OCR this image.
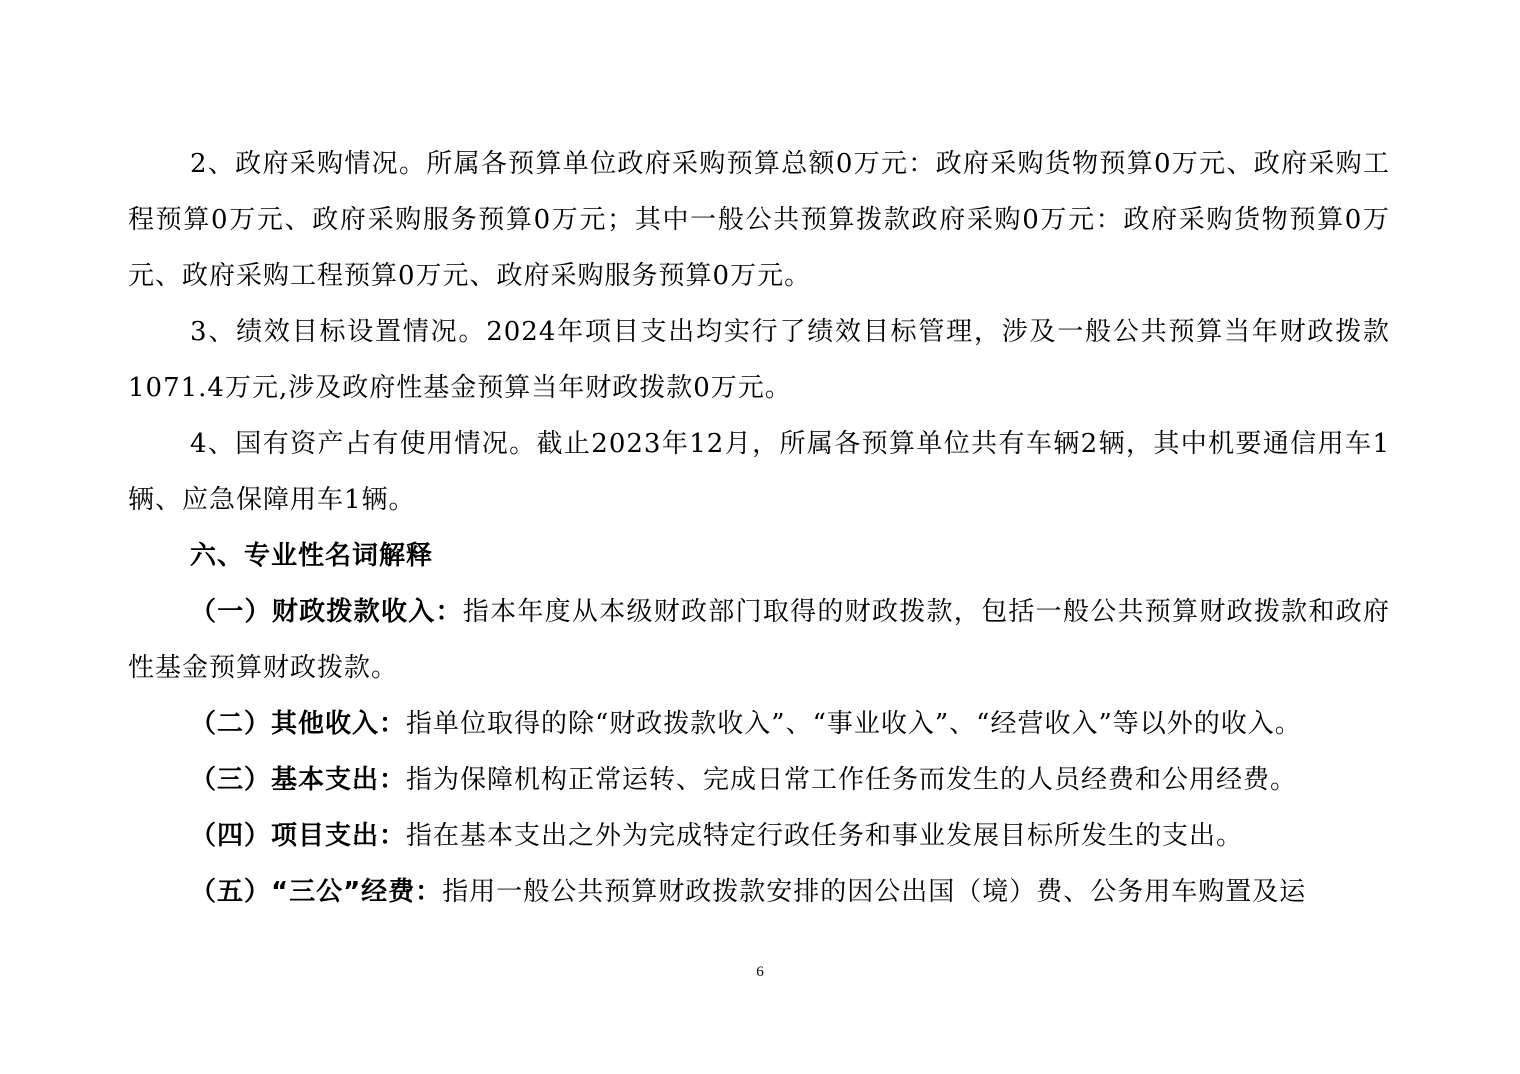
2、政府采购情况。所属各预算单位政府采购预算总额0万元：政府采购货物预算0万元、政府采购工程预算0万元、政府采购服务预算0万元；其中一般公共预算拨款政府采购0万元：政府采购货物预算0万元、政府采购工程预算0万元、政府采购服务预算0万元。

3、绩效目标设置情况。2024年项目支出均实行了绩效目标管理，涉及一般公共预算当年财政拨款1071.4万元,涉及政府性基金预算当年财政拨款0万元。

4、国有资产占有使用情况。截止2023年12月，所属各预算单位共有车辆2辆，其中机要通信用车1辆、应急保障用车1辆。

六、专业性名词解释

（一）财政拨款收入：指本年度从本级财政部门取得的财政拨款，包括一般公共预算财政拨款和政府性基金预算财政拨款。

（二）其他收入：指单位取得的除“财政拨款收入”、“事业收入”、“经营收入”等以外的收入。

（三）基本支出：指为保障机构正常运转、完成日常工作任务而发生的人员经费和公用经费。

（四）项目支出：指在基本支出之外为完成特定行政任务和事业发展目标所发生的支出。

（五）“三公”经费：指用一般公共预算财政拨款安排的因公出国（境）费、公务用车购置及运

6
